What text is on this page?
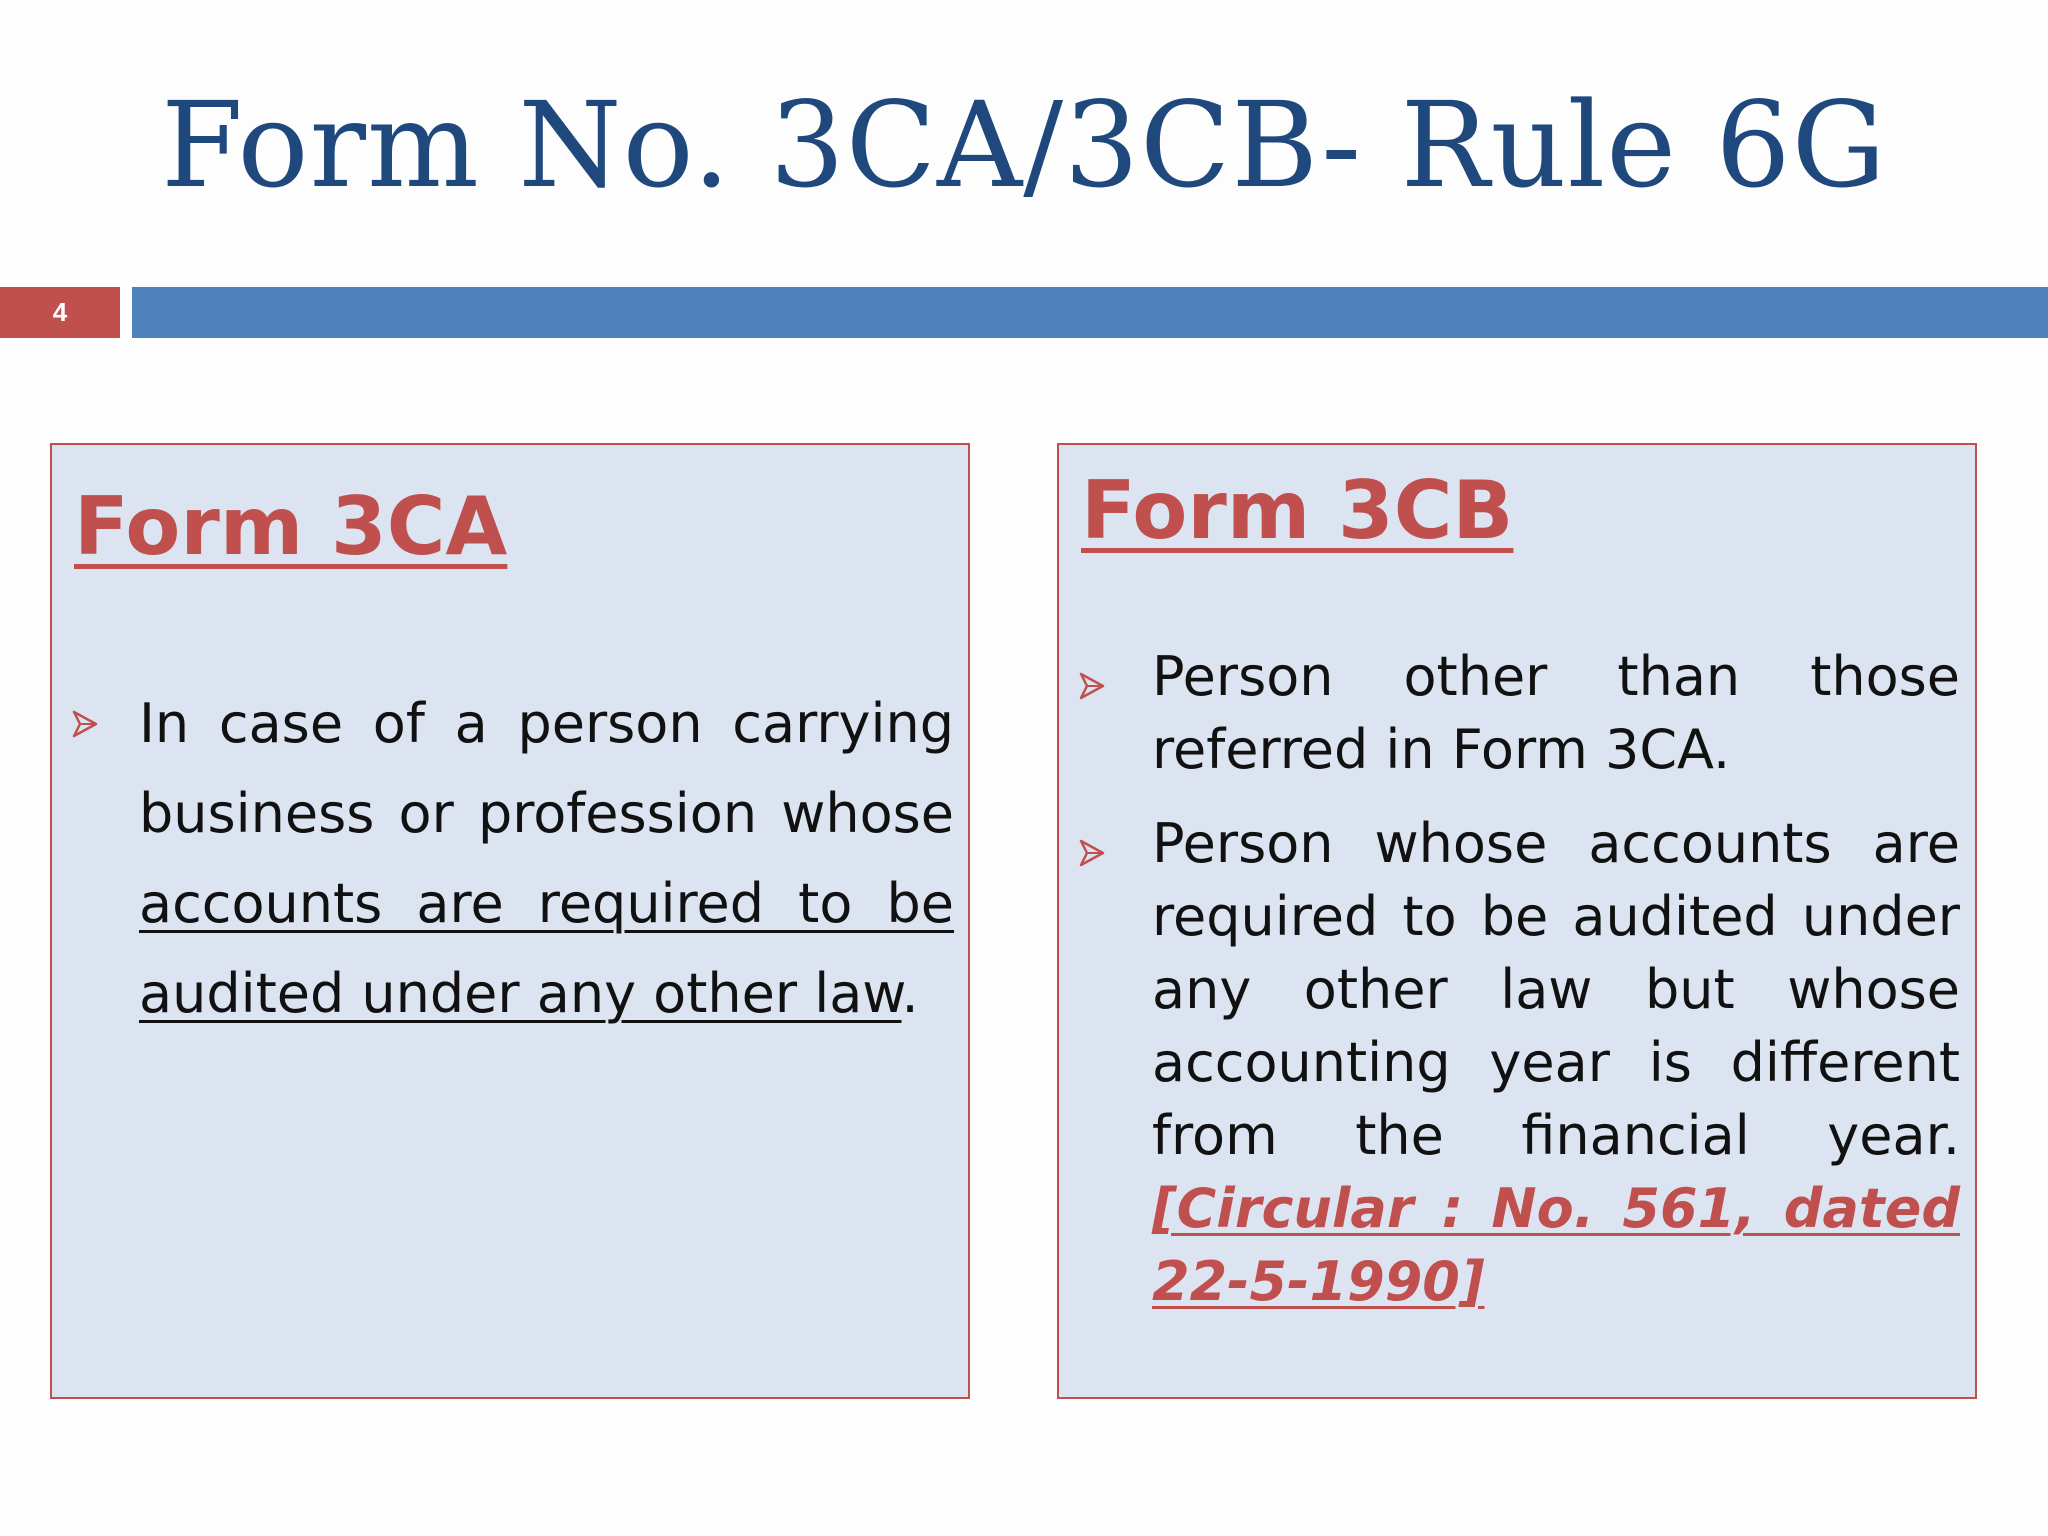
Form No. 3CA/3CB- Rule 6G
4
Form 3CA
In case of a person carrying business or profession whose accounts are required to be audited under any other law.
Form 3CB
Person other than those referred in Form 3CA.
Person whose accounts are required to be audited under any other law but whose accounting year is different from the financial year. [Circular : No. 561, dated 22-5-1990]
